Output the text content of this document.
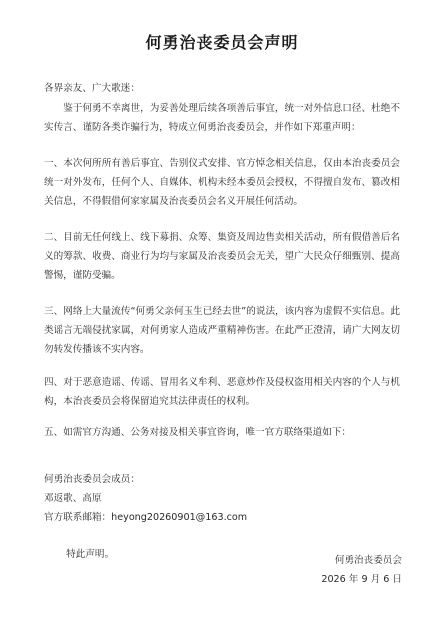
何勇治丧委员会声明

各界亲友、广大歌迷：

鉴于何勇不幸离世，为妥善处理后续各项善后事宜，统一对外信息口径、杜绝不实传言、谨防各类诈骗行为，特成立何勇治丧委员会，并作如下郑重声明：

一、本次何所所有善后事宜、告别仪式安排、官方悼念相关信息，仅由本治丧委员会统一对外发布，任何个人、自媒体、机构未经本委员会授权，不得擅自发布、篡改相关信息，不得假借何家家属及治丧委员会名义开展任何活动。

二、目前无任何线上、线下募捐、众筹、集资及周边售卖相关活动，所有假借善后名义的筹款、收费、商业行为均与家属及治丧委员会无关，望广大民众仔细甄别、提高警惕，谨防受骗。

三、网络上大量流传“何勇父亲何玉生已经去世”的说法，该内容为虚假不实信息。此类谣言无端侵扰家属，对何勇家人造成严重精神伤害。在此严正澄清，请广大网友切勿转发传播该不实内容。

四、对于恶意造谣、传谣、冒用名义牟利、恶意炒作及侵权盗用相关内容的个人与机构，本治丧委员会将保留追究其法律责任的权利。

五、如需官方沟通、公务对接及相关事宜咨询，唯一官方联络渠道如下：

何勇治丧委员会成员：

邓返歌、高原

官方联系邮箱：heyong20260901@163.com

特此声明。

何勇治丧委员会
2026 年 9 月 6 日
